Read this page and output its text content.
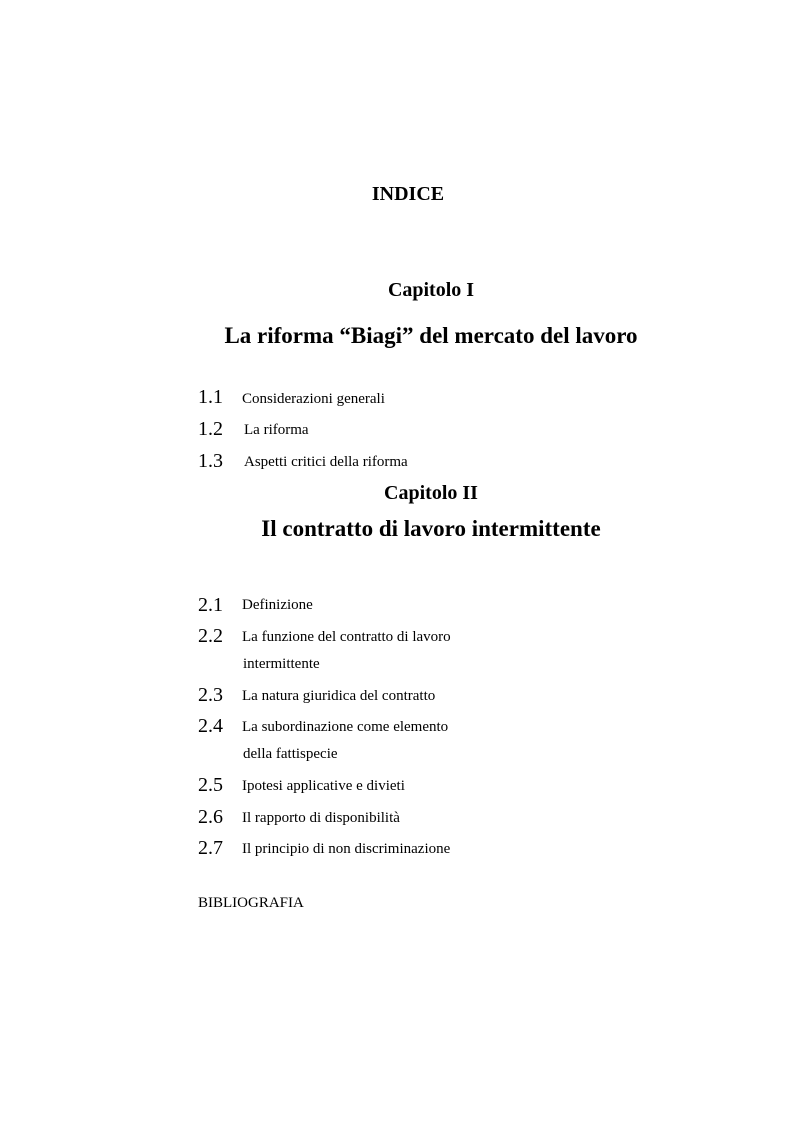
INDICE
Capitolo I
La riforma “Biagi” del mercato del lavoro
1.1 Considerazioni generali
1.2 La riforma
1.3 Aspetti critici della riforma
Capitolo II
Il contratto di lavoro intermittente
2.1 Definizione
2.2 La funzione del contratto di lavoro
intermittente
2.3 La natura giuridica del contratto
2.4 La subordinazione come elemento
della fattispecie
2.5 Ipotesi applicative e divieti
2.6 Il rapporto di disponibilità
2.7 Il principio di non discriminazione
BIBLIOGRAFIA
